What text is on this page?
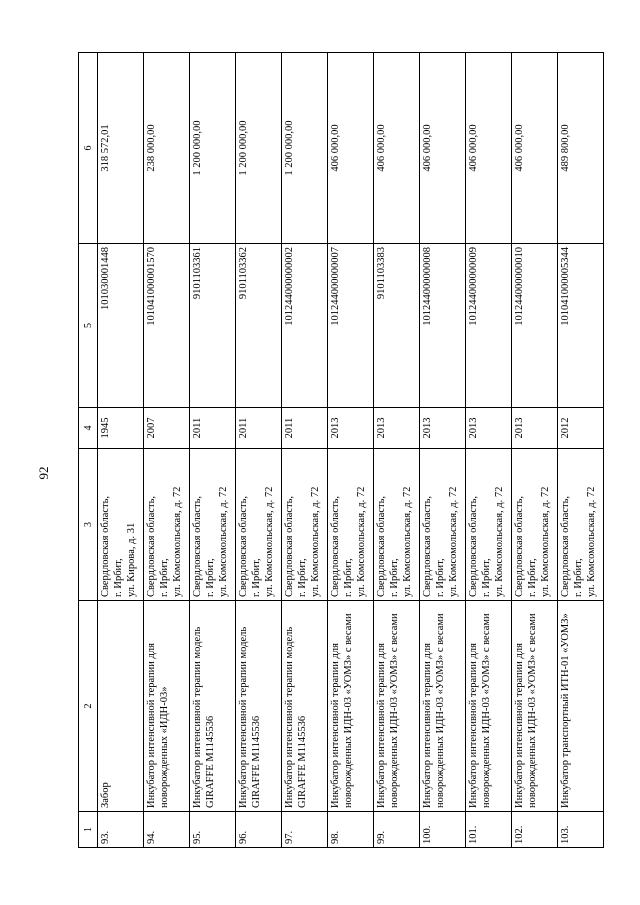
92
1	2	3	4	5	6
93.	Забор	Свердловская область, г. Ирбит, ул. Кирова, д. 31	1945	101030001448	318 572,01
94.	Инкубатор интенсивной терапии для новорожденных «ИДН-03»	Свердловская область, г. Ирбит, ул. Комсомольская, д. 72	2007	101041000001570	238 000,00
95.	Инкубатор интенсивной терапии модель GIRAFFE M1145536	Свердловская область, г. Ирбит, ул. Комсомольская, д. 72	2011	9101103361	1 200 000,00
96.	Инкубатор интенсивной терапии модель GIRAFFE M1145536	Свердловская область, г. Ирбит, ул. Комсомольская, д. 72	2011	9101103362	1 200 000,00
97.	Инкубатор интенсивной терапии модель GIRAFFE M1145536	Свердловская область, г. Ирбит, ул. Комсомольская, д. 72	2011	101244000000002	1 200 000,00
98.	Инкубатор интенсивной терапии для новорожденных ИДН-03 «УОМЗ» с весами	Свердловская область, г. Ирбит, ул. Комсомольская, д. 72	2013	101244000000007	406 000,00
99.	Инкубатор интенсивной терапии для новорожденных ИДН-03 «УОМЗ» с весами	Свердловская область, г. Ирбит, ул. Комсомольская, д. 72	2013	9101103383	406 000,00
100.	Инкубатор интенсивной терапии для новорожденных ИДН-03 «УОМЗ» с весами	Свердловская область, г. Ирбит, ул. Комсомольская, д. 72	2013	101244000000008	406 000,00
101.	Инкубатор интенсивной терапии для новорожденных ИДН-03 «УОМЗ» с весами	Свердловская область, г. Ирбит, ул. Комсомольская, д. 72	2013	101244000000009	406 000,00
102.	Инкубатор интенсивной терапии для новорожденных ИДН-03 «УОМЗ» с весами	Свердловская область, г. Ирбит, ул. Комсомольская, д. 72	2013	101244000000010	406 000,00
103.	Инкубатор транспортный ИТН-01 «УОМЗ»	Свердловская область, г. Ирбит, ул. Комсомольская, д. 72	2012	101041000005344	489 800,00
